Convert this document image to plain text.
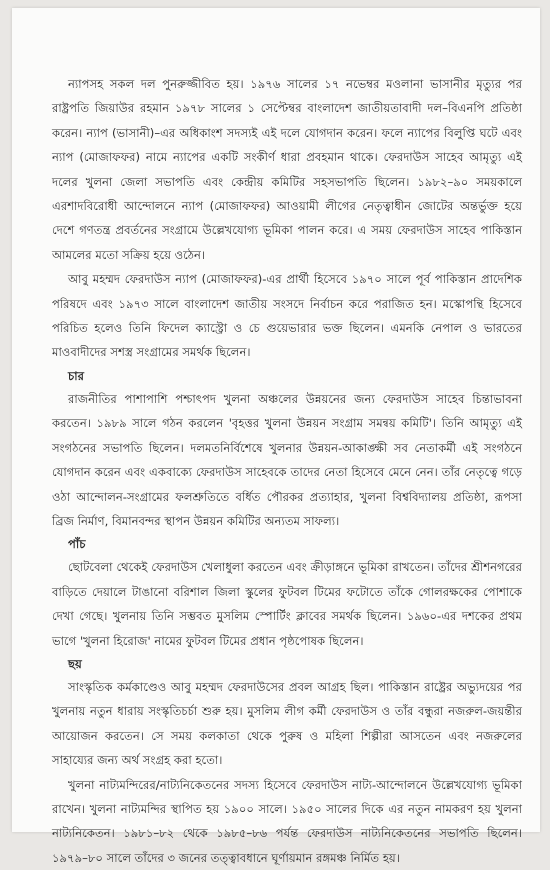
ন্যাপসহ সকল দল পুনরুজ্জীবিত হয়। ১৯৭৬ সালের ১৭ নভেম্বর মওলানা ভাসানীর মৃত্যুর পর রাষ্ট্রপতি জিয়াউর রহমান ১৯৭৮ সালের ১ সেপ্টেম্বর বাংলাদেশ জাতীয়তাবাদী দল–বিএনপি প্রতিষ্ঠা করেন। ন্যাপ (ভাসানী)–এর অধিকাংশ সদস্যই এই দলে যোগদান করেন। ফলে ন্যাপের বিলুপ্তি ঘটে এবং ন্যাপ (মোজাফফর) নামে ন্যাপের একটি সংকীর্ণ ধারা প্রবহমান থাকে। ফেরদাউস সাহেব আমৃত্যু এই দলের খুলনা জেলা সভাপতি এবং কেন্দ্রীয় কমিটির সহসভাপতি ছিলেন। ১৯৮২–৯০ সময়কালে এরশাদবিরোধী আন্দোলনে ন্যাপ (মোজাফফর) আওয়ামী লীগের নেতৃত্বাধীন জোটের অন্তর্ভুক্ত হয়ে দেশে গণতন্ত্র প্রবর্তনের সংগ্রামে উল্লেখযোগ্য ভূমিকা পালন করে। এ সময় ফেরদাউস সাহেব পাকিস্তান আমলের মতো সক্রিয় হয়ে ওঠেন।

আবু মহম্মদ ফেরদাউস ন্যাপ (মোজাফফর)-এর প্রার্থী হিসেবে ১৯৭০ সালে পূর্ব পাকিস্তান প্রাদেশিক পরিষদে এবং ১৯৭৩ সালে বাংলাদেশ জাতীয় সংসদে নির্বাচন করে পরাজিত হন। মস্কোপন্থি হিসেবে পরিচিত হলেও তিনি ফিদেল ক্যাস্ট্রো ও চে গুয়েভারার ভক্ত ছিলেন। এমনকি নেপাল ও ভারতের মাওবাদীদের সশস্ত্র সংগ্রামের সমর্থক ছিলেন।

চার

রাজনীতির পাশাপাশি পশ্চাৎপদ খুলনা অঞ্চলের উন্নয়নের জন্য ফেরদাউস সাহেব চিন্তাভাবনা করতেন। ১৯৮৯ সালে গঠন করলেন 'বৃহত্তর খুলনা উন্নয়ন সংগ্রাম সমন্বয় কমিটি'। তিনি আমৃত্যু এই সংগঠনের সভাপতি ছিলেন। দলমতনির্বিশেষে খুলনার উন্নয়ন-আকাঙ্ক্ষী সব নেতাকর্মী এই সংগঠনে যোগদান করেন এবং একবাক্যে ফেরদাউস সাহেবকে তাদের নেতা হিসেবে মেনে নেন। তাঁর নেতৃত্বে গড়ে ওঠা আন্দোলন-সংগ্রামের ফলশ্রুতিতে বর্ধিত পৌরকর প্রত্যাহার, খুলনা বিশ্ববিদ্যালয় প্রতিষ্ঠা, রূপসা ব্রিজ নির্মাণ, বিমানবন্দর স্থাপন উন্নয়ন কমিটির অন্যতম সাফল্য।

পাঁচ

ছোটবেলা থেকেই ফেরদাউস খেলাধুলা করতেন এবং ক্রীড়াঙ্গনে ভূমিকা রাখতেন। তাঁদের শ্রীশনগরের বাড়িতে দেয়ালে টাঙানো বরিশাল জিলা স্কুলের ফুটবল টিমের ফটোতে তাঁকে গোলরক্ষকের পোশাকে দেখা গেছে। খুলনায় তিনি সম্ভবত মুসলিম স্পোর্টিং ক্লাবের সমর্থক ছিলেন। ১৯৬০-এর দশকের প্রথম ভাগে 'খুলনা হিরোজ' নামের ফুটবল টিমের প্রধান পৃষ্ঠপোষক ছিলেন।

ছয়

সাংস্কৃতিক কর্মকাণ্ডেও আবু মহম্মদ ফেরদাউসের প্রবল আগ্রহ ছিল। পাকিস্তান রাষ্ট্রের অভ্যুদয়ের পর খুলনায় নতুন ধারায় সংস্কৃতিচর্চা শুরু হয়। মুসলিম লীগ কর্মী ফেরদাউস ও তাঁর বন্ধুরা নজরুল-জয়ন্তীর আয়োজন করতেন। সে সময় কলকাতা থেকে পুরুষ ও মহিলা শিল্পীরা আসতেন এবং নজরুলের সাহায্যের জন্য অর্থ সংগ্রহ করা হতো।

খুলনা নাট্যমন্দিরের/নাট্যনিকেতনের সদস্য হিসেবে ফেরদাউস নাট্য-আন্দোলনে উল্লেখযোগ্য ভূমিকা রাখেন। খুলনা নাট্যমন্দির স্থাপিত হয় ১৯০০ সালে। ১৯৫০ সালের দিকে এর নতুন নামকরণ হয় খুলনা নাট্যনিকেতন। ১৯৮১–৮২ থেকে ১৯৮৫–৮৬ পর্যন্ত ফেরদাউস নাট্যনিকেতনের সভাপতি ছিলেন। ১৯৭৯–৮০ সালে তাঁদের ৩ জনের তত্ত্বাবধানে ঘূর্ণায়মান রঙ্গমঞ্চ নির্মিত হয়।
